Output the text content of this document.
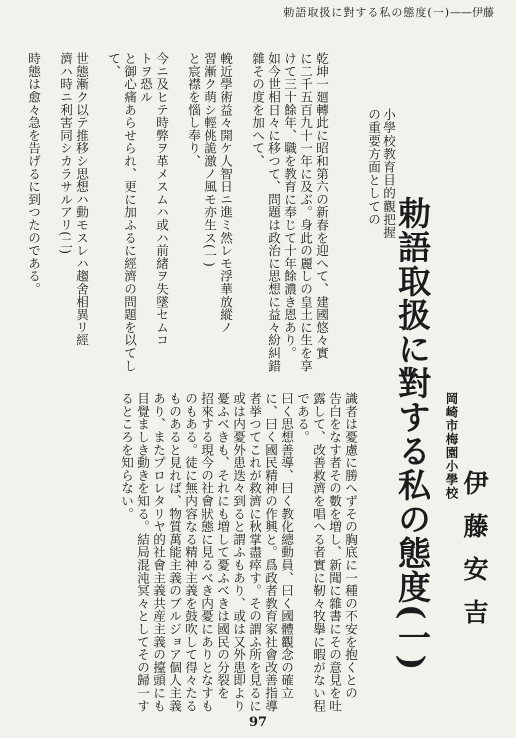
勅語取扱に對する私の態度(一) —— 伊藤

乾坤一廻轉此に昭和第六の新春を迎へて、建國悠々實

に二千五百九十一年に及ぶ。身此の麗しの皇土に生を享

けて三十餘年、職を教育に奉じて十年餘濃き恩あり。

如今世相日々に移つて、問題は政治に思想に益々紛糾錯

雜その度を加へて、

輓近學術益々開ケ人智日ニ進ミ然レモ浮華放縱ノ

習漸ク萌シ輕佻詭激ノ風モ亦生ス(一)

と宸襟を惱し奉り、

今ニ及ヒテ時弊ヲ革メスムハ或ハ前緒ヲ失墜セムコ

トヲ恐ル

と御心痛あらせられ、更に加ふるに經濟の問題を以てし

て、

世態漸ク以テ推移シ思想ハ動モスレハ趨舍相異リ經

濟ハ時ニ利害同シカラサルアリ(二)

時態は愈々急を告げるに到つたのである。	小學校教育目的觀把握
の重要方面としての
勅語取扱に對する私の態度(一) 岡崎市梅園小學校
伊藤安吉

識者は憂慮に勝へずその胸底に一種の不安を抱くとの

告白をなす者その數を増し、新聞に雜書にその意見を吐

露して、改善救濟を唱へる者實に靭々牧擧に暇がない程

である。

曰く思想善導、曰く教化總動員、曰く國體觀念の確立

に、曰く國民精神の作興と。爲政者教育家社會改善指導

者挙つてこれが救濟に秋掌盡瘁す。その謂ふ所を見るに

或は内憂外患迭々到ると謂ふもあり、或は又外患即より

憂ふべきも、それにも増して憂ふべきは國民の分裂を

招來する現今の社會狀態に見るべき内憂にありとなすも

のもある。徒に無内容なる精神主義を鼓吹して得々たる

ものあると見れば、物質萬能主義のブルジョア個人主義

あり、またプロレタリヤ的社會主義共産主義の擡頭にも

目覺ましき動きを知る。結局混沌冥々としてその歸一す

るところを知らない。

97
